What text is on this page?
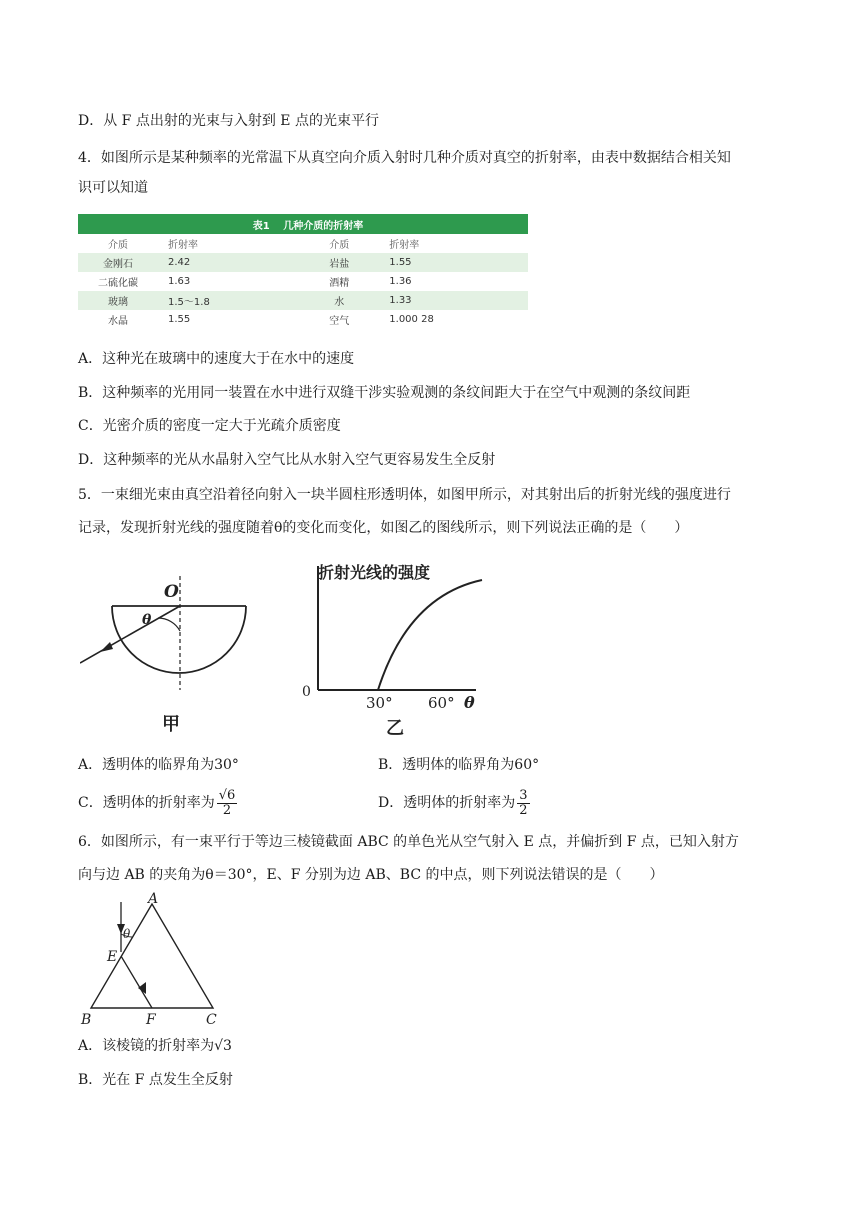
D．从 F 点出射的光束与入射到 E 点的光束平行
4．如图所示是某种频率的光常温下从真空向介质入射时几种介质对真空的折射率，由表中数据结合相关知
识可以知道
表1　 几种介质的折射率			
介质	折射率	介质	折射率
金刚石	2.42	岩盐	1.55
二硫化碳	1.63	酒精	1.36
玻璃	1.5～1.8	水	1.33
水晶	1.55	空气	1.000 28
A．这种光在玻璃中的速度大于在水中的速度
B．这种频率的光用同一装置在水中进行双缝干涉实验观测的条纹间距大于在空气中观测的条纹间距
C．光密介质的密度一定大于光疏介质密度
D．这种频率的光从水晶射入空气比从水射入空气更容易发生全反射
5．一束细光束由真空沿着径向射入一块半圆柱形透明体，如图甲所示，对其射出后的折射光线的强度进行
记录，发现折射光线的强度随着θ的变化而变化，如图乙的图线所示，则下列说法正确的是（　　）
O
θ
甲
折射光线的强度
0
30° 60° θ
乙
A．透明体的临界角为30°	B．透明体的临界角为60°
C．透明体的折射率为 $\frac{√6}{2}$	D．透明体的折射率为 $\frac{3}{2}$
6．如图所示，有一束平行于等边三棱镜截面 ABC 的单色光从空气射入 E 点，并偏折到 F 点，已知入射方
向与边 AB 的夹角为θ＝30°，E、F 分别为边 AB、BC 的中点，则下列说法错误的是（　　）
A
B	C
E
F
θ
A．该棱镜的折射率为√3
B．光在 F 点发生全反射
